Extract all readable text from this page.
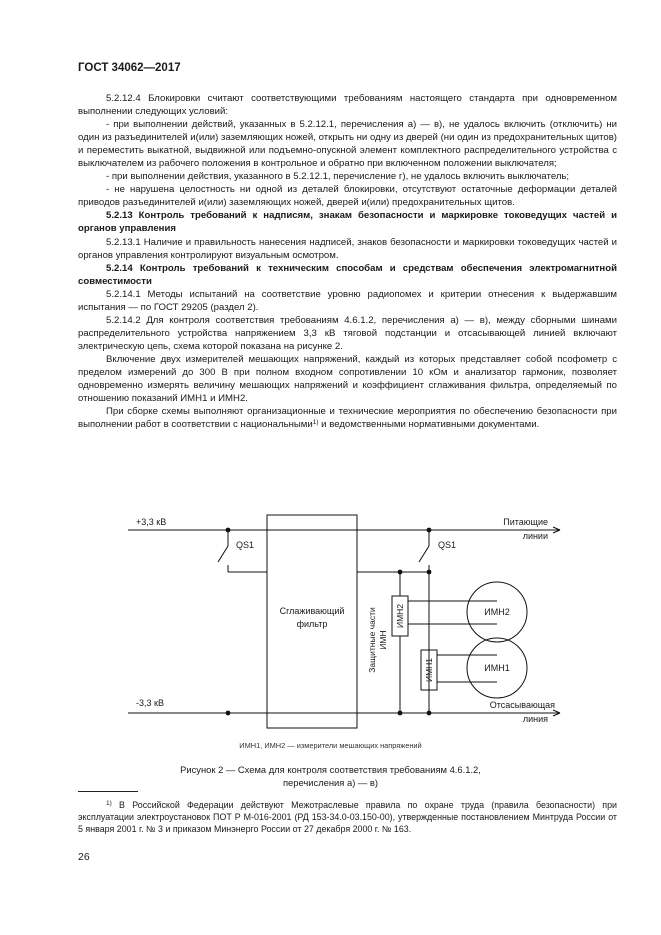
ГОСТ 34062—2017

5.2.12.4 Блокировки считают соответствующими требованиям настоящего стандарта при одновременном выполнении следующих условий:

- при выполнении действий, указанных в 5.2.12.1, перечисления а) — в), не удалось включить (отключить) ни один из разъединителей и(или) заземляющих ножей, открыть ни одну из дверей (ни один из предохранительных щитов) и переместить выкатной, выдвижной или подъемно-опускной элемент комплектного распределительного устройства с выключателем из рабочего положения в контрольное и обратно при включенном положении выключателя;

- при выполнении действия, указанного в 5.2.12.1, перечисление г), не удалось включить выключатель;

- не нарушена целостность ни одной из деталей блокировки, отсутствуют остаточные деформации деталей приводов разъединителей и(или) заземляющих ножей, дверей и(или) предохранительных щитов.

5.2.13 Контроль требований к надписям, знакам безопасности и маркировке токоведущих частей и органов управления

5.2.13.1 Наличие и правильность нанесения надписей, знаков безопасности и маркировки токоведущих частей и органов управления контролируют визуальным осмотром.

5.2.14 Контроль требований к техническим способам и средствам обеспечения электромагнитной совместимости

5.2.14.1 Методы испытаний на соответствие уровню радиопомех и критерии отнесения к выдержавшим испытания — по ГОСТ 29205 (раздел 2).

5.2.14.2 Для контроля соответствия требованиям 4.6.1.2, перечисления а) — в), между сборными шинами распределительного устройства напряжением 3,3 кВ тяговой подстанции и отсасывающей линией включают электрическую цепь, схема которой показана на рисунке 2.

Включение двух измерителей мешающих напряжений, каждый из которых представляет собой псофометр с пределом измерений до 300 В при полном входном сопротивлении 10 кОм и анализатор гармоник, позволяет одновременно измерять величину мешающих напряжений и коэффициент сглаживания фильтра, определяемый по отношению показаний ИМН1 и ИМН2.

При сборке схемы выполняют организационные и технические мероприятия по обеспечению безопасности при выполнении работ в соответствии с национальными$^{1)}$ и ведомственными нормативными документами.

+3,3 кВ
-3,3 кВ
Питающие
линии
Отсасывающая
линия
QS1	QS1
Сглаживающий
фильтр	Защитные части ИМН
ИМН2
ИМН1
ИМН2
ИМН1
ИМН1, ИМН2 — измерители мешающих напряжений
Рисунок 2 — Схема для контроля соответствия требованиям 4.6.1.2,
перечисления а) — в)

$^{1)}$ В Российской Федерации действуют Межотраслевые правила по охране труда (правила безопасности) при эксплуатации электроустановок ПОТ Р М-016-2001 (РД 153-34.0-03.150-00), утвержденные постановлением Минтруда России от 5 января 2001 г. № 3 и приказом Минэнерго России от 27 декабря 2000 г. № 163.

26
